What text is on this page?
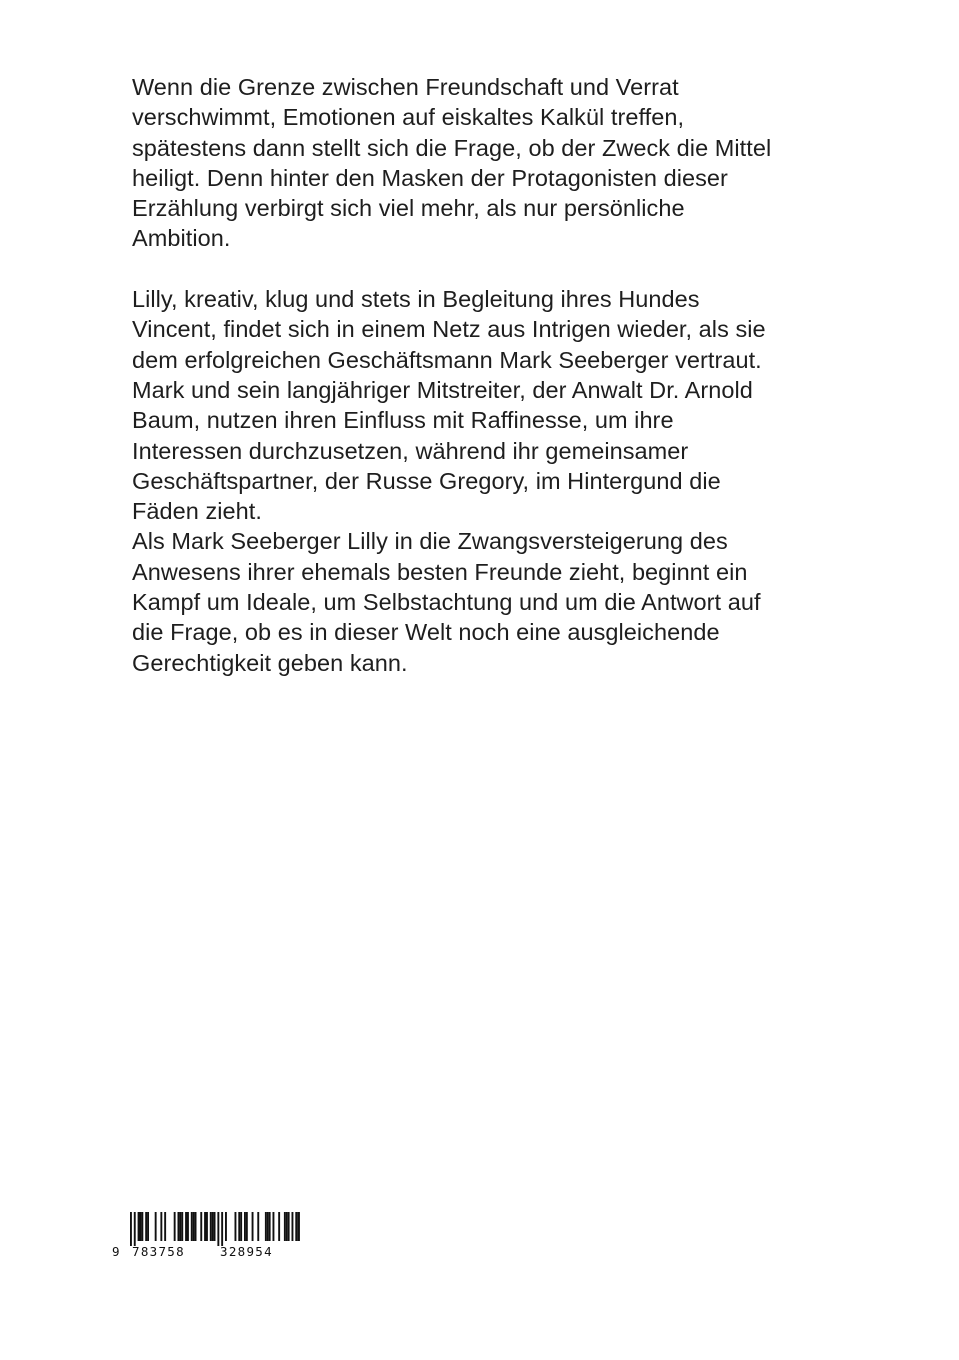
Wenn die Grenze zwischen Freundschaft und Verrat
verschwimmt, Emotionen auf eiskaltes Kalkül treffen,
spätestens dann stellt sich die Frage, ob der Zweck die Mittel
heiligt. Denn hinter den Masken der Protagonisten dieser
Erzählung verbirgt sich viel mehr, als nur persönliche
Ambition.
Lilly, kreativ, klug und stets in Begleitung ihres Hundes
Vincent, findet sich in einem Netz aus Intrigen wieder, als sie
dem erfolgreichen Geschäftsmann Mark Seeberger vertraut.
Mark und sein langjähriger Mitstreiter, der Anwalt Dr. Arnold
Baum, nutzen ihren Einfluss mit Raffinesse, um ihre
Interessen durchzusetzen, während ihr gemeinsamer
Geschäftspartner, der Russe Gregory, im Hintergund die
Fäden zieht.
Als Mark Seeberger Lilly in die Zwangsversteigerung des
Anwesens ihrer ehemals besten Freunde zieht, beginnt ein
Kampf um Ideale, um Selbstachtung und um die Antwort auf
die Frage, ob es in dieser Welt noch eine ausgleichende
Gerechtigkeit geben kann.
9 783758	328954
